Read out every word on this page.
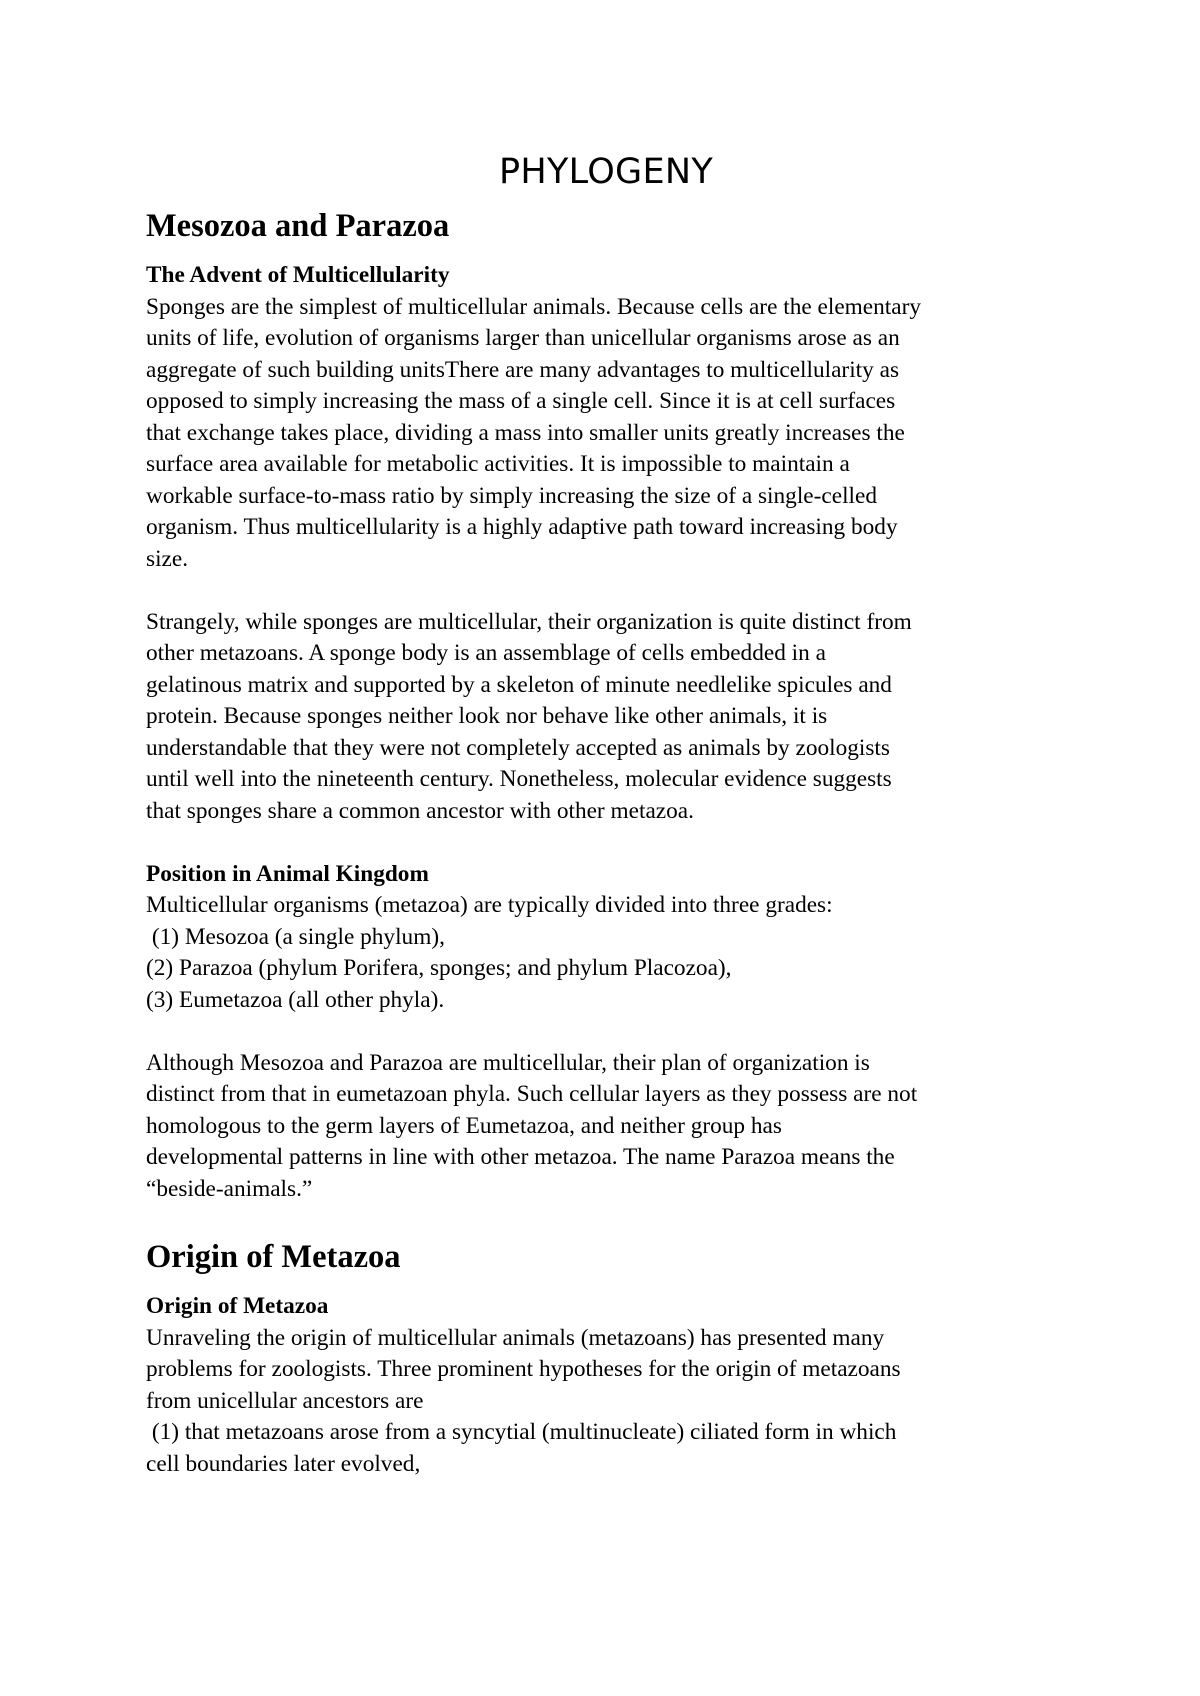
PHYLOGENY
Mesozoa and Parazoa
The Advent of Multicellularity

Sponges are the simplest of multicellular animals. Because cells are the elementary
units of life, evolution of organisms larger than unicellular organisms arose as an
aggregate of such building unitsThere are many advantages to multicellularity as
opposed to simply increasing the mass of a single cell. Since it is at cell surfaces
that exchange takes place, dividing a mass into smaller units greatly increases the
surface area available for metabolic activities. It is impossible to maintain a
workable surface-to-mass ratio by simply increasing the size of a single-celled
organism. Thus multicellularity is a highly adaptive path toward increasing body
size.

Strangely, while sponges are multicellular, their organization is quite distinct from
other metazoans. A sponge body is an assemblage of cells embedded in a
gelatinous matrix and supported by a skeleton of minute needlelike spicules and
protein. Because sponges neither look nor behave like other animals, it is
understandable that they were not completely accepted as animals by zoologists
until well into the nineteenth century. Nonetheless, molecular evidence suggests
that sponges share a common ancestor with other metazoa.

Position in Animal Kingdom

Multicellular organisms (metazoa) are typically divided into three grades:

(1) Mesozoa (a single phylum),

(2) Parazoa (phylum Porifera, sponges; and phylum Placozoa),

(3) Eumetazoa (all other phyla).

Although Mesozoa and Parazoa are multicellular, their plan of organization is
distinct from that in eumetazoan phyla. Such cellular layers as they possess are not
homologous to the germ layers of Eumetazoa, and neither group has
developmental patterns in line with other metazoa. The name Parazoa means the
“beside-animals.”

Origin of Metazoa
Origin of Metazoa

Unraveling the origin of multicellular animals (metazoans) has presented many
problems for zoologists. Three prominent hypotheses for the origin of metazoans
from unicellular ancestors are

(1) that metazoans arose from a syncytial (multinucleate) ciliated form in which
cell boundaries later evolved,
